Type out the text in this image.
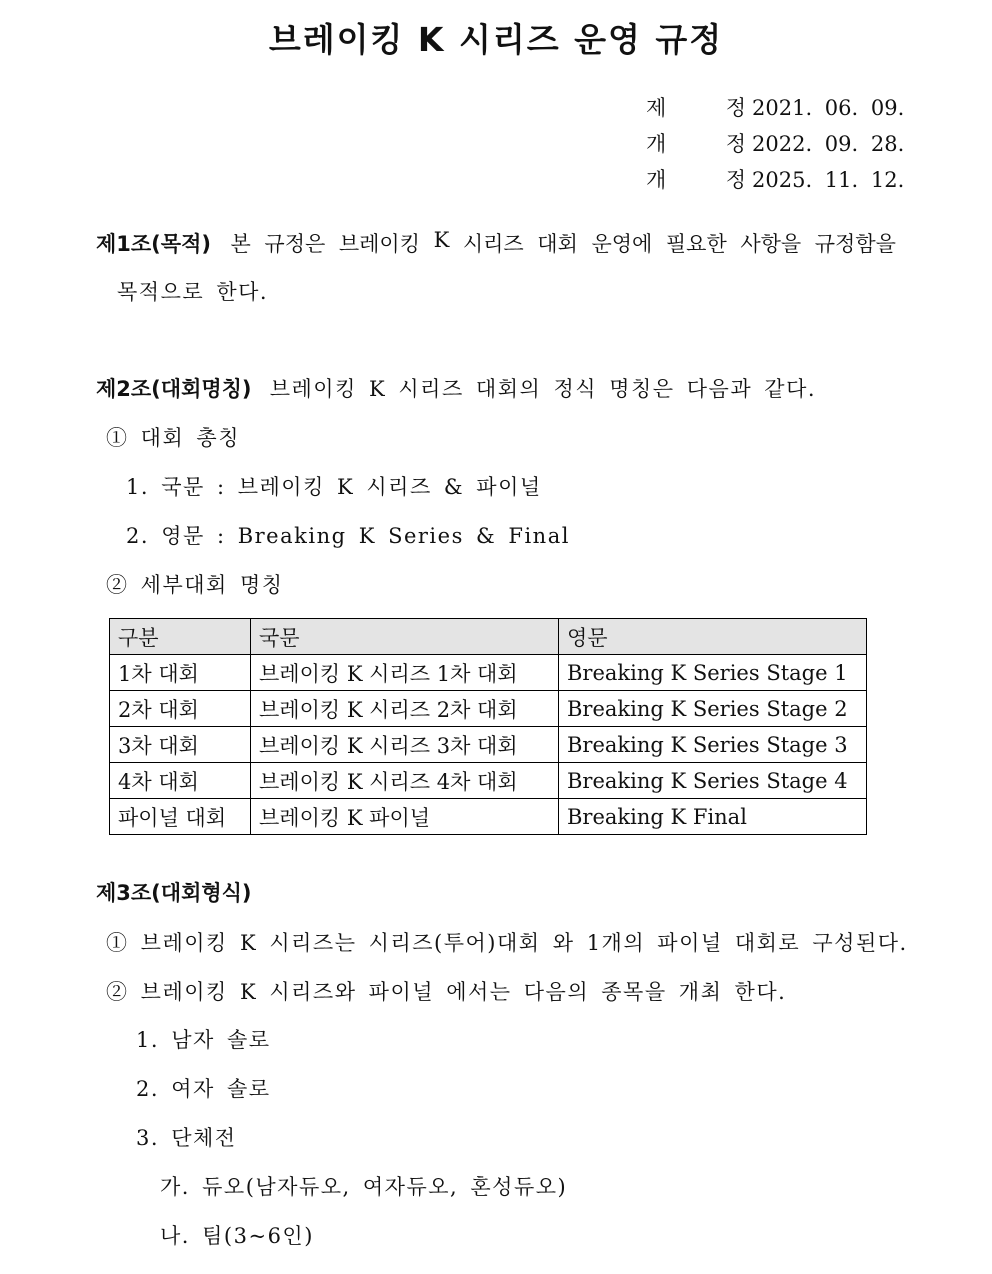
브레이킹 K 시리즈 운영 규정
제	정 2021. 06. 09.
개	정 2022. 09. 28.
개	정 2025. 11. 12.
제1조(목적) 본 규정은 브레이킹 K 시리즈 대회 운영에 필요한 사항을 규정함을
목적으로 한다.
제2조(대회명칭) 브레이킹 K 시리즈 대회의 정식 명칭은 다음과 같다.
① 대회 총칭
1. 국문 : 브레이킹 K 시리즈 & 파이널
2. 영문 : Breaking K Series & Final
② 세부대회 명칭
구분	국문	영문
1차 대회	브레이킹 K 시리즈 1차 대회	Breaking K Series Stage 1
2차 대회	브레이킹 K 시리즈 2차 대회	Breaking K Series Stage 2
3차 대회	브레이킹 K 시리즈 3차 대회	Breaking K Series Stage 3
4차 대회	브레이킹 K 시리즈 4차 대회	Breaking K Series Stage 4
파이널 대회	브레이킹 K 파이널	Breaking K Final
제3조(대회형식)
① 브레이킹 K 시리즈는 시리즈(투어)대회 와 1개의 파이널 대회로 구성된다.
② 브레이킹 K 시리즈와 파이널 에서는 다음의 종목을 개최 한다.
1. 남자 솔로
2. 여자 솔로
3. 단체전
가. 듀오(남자듀오, 여자듀오, 혼성듀오)
나. 팀(3~6인)
